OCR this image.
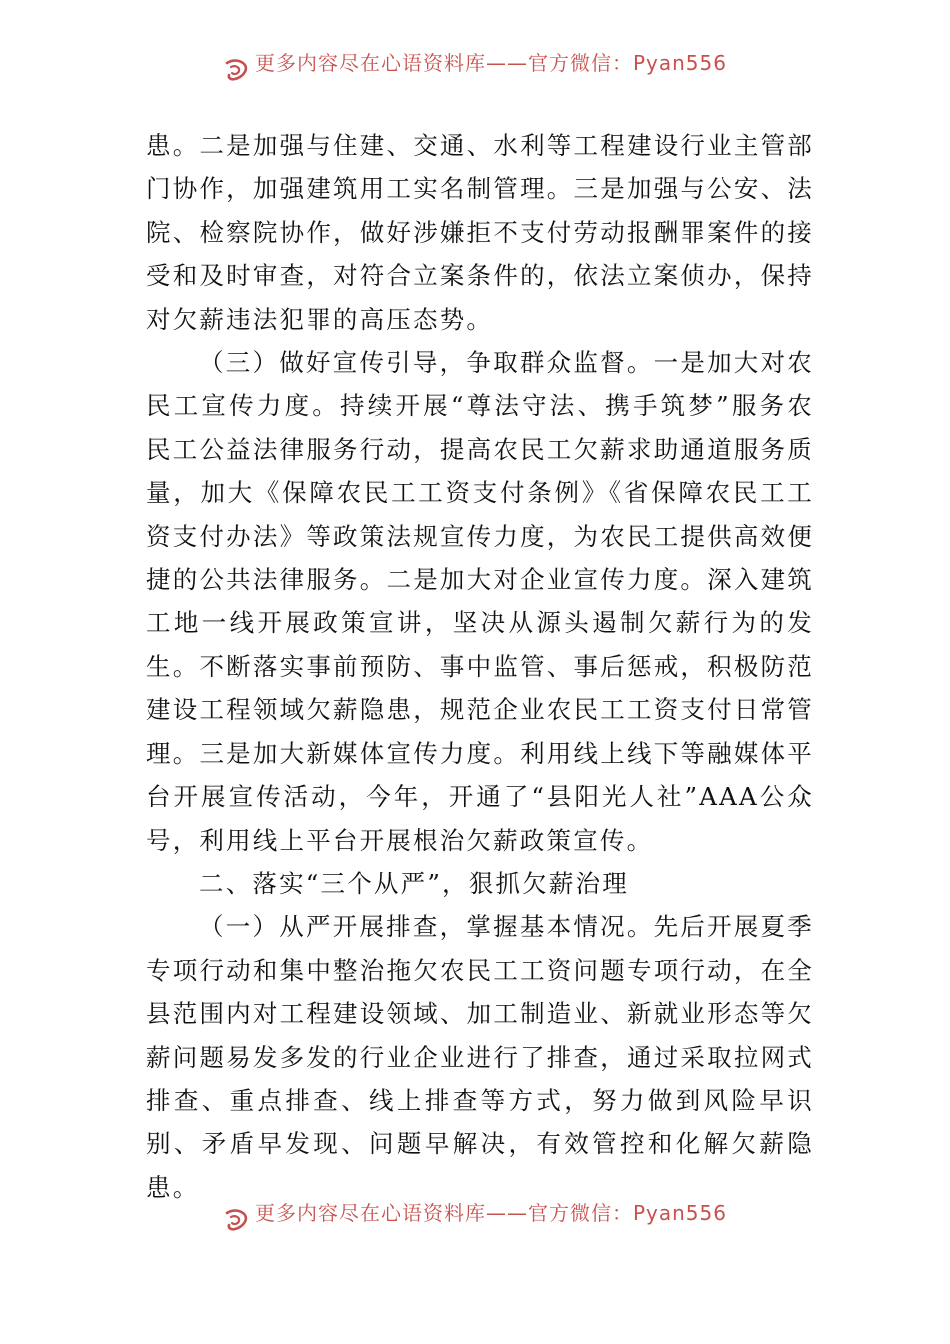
更多内容尽在心语资料库——官方微信：Pyan556

患。二是加强与住建、交通、水利等工程建设行业主管部门协作，加强建筑用工实名制管理。三是加强与公安、法院、检察院协作，做好涉嫌拒不支付劳动报酬罪案件的接受和及时审查，对符合立案条件的，依法立案侦办，保持对欠薪违法犯罪的高压态势。

（三）做好宣传引导，争取群众监督。一是加大对农民工宣传力度。持续开展“尊法守法、携手筑梦”服务农民工公益法律服务行动，提高农民工欠薪求助通道服务质量，加大《保障农民工工资支付条例》《省保障农民工工资支付办法》等政策法规宣传力度，为农民工提供高效便捷的公共法律服务。二是加大对企业宣传力度。深入建筑工地一线开展政策宣讲，坚决从源头遏制欠薪行为的发生。不断落实事前预防、事中监管、事后惩戒，积极防范建设工程领域欠薪隐患，规范企业农民工工资支付日常管理。三是加大新媒体宣传力度。利用线上线下等融媒体平台开展宣传活动，今年，开通了“县阳光人社”AAA公众号，利用线上平台开展根治欠薪政策宣传。

二、落实“三个从严”，狠抓欠薪治理

（一）从严开展排查，掌握基本情况。先后开展夏季专项行动和集中整治拖欠农民工工资问题专项行动，在全县范围内对工程建设领域、加工制造业、新就业形态等欠薪问题易发多发的行业企业进行了排查，通过采取拉网式排查、重点排查、线上排查等方式，努力做到风险早识别、矛盾早发现、问题早解决，有效管控和化解欠薪隐患。

更多内容尽在心语资料库——官方微信：Pyan556
